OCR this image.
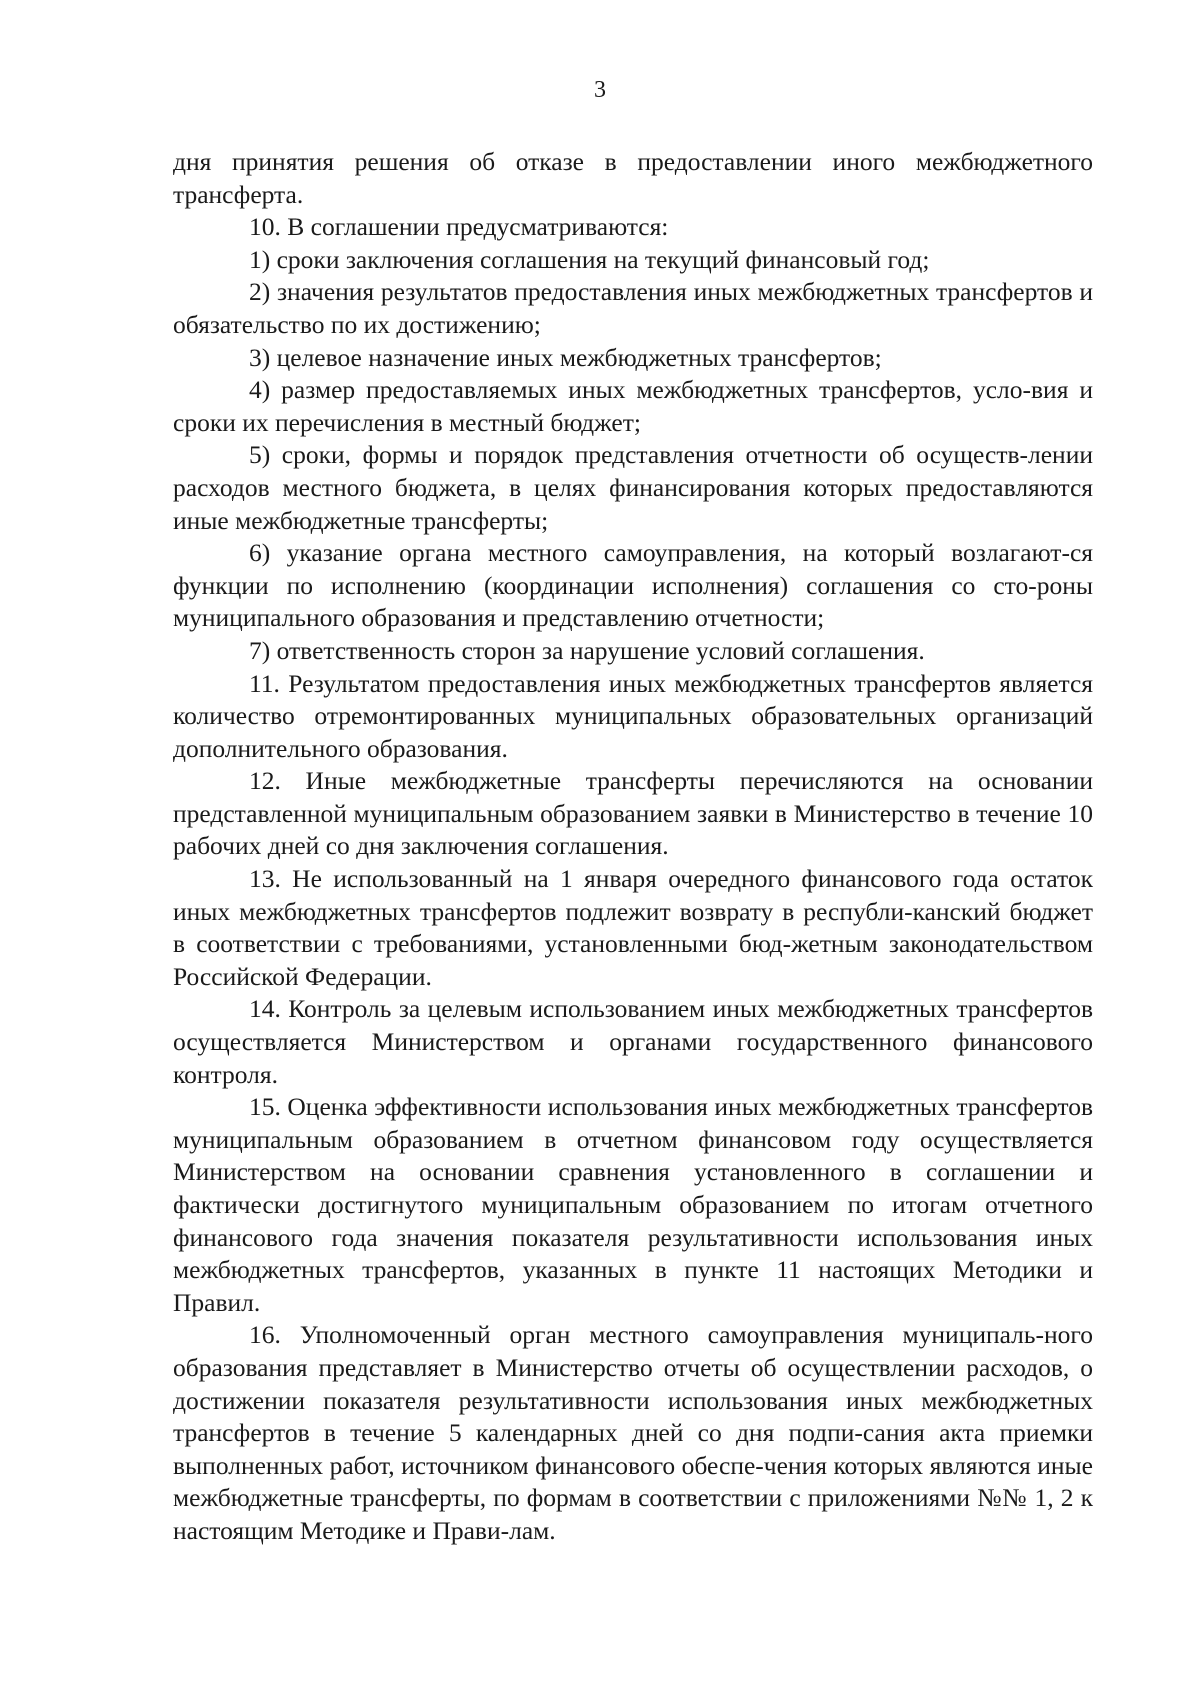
3

дня принятия решения об отказе в предоставлении иного межбюджетного трансферта.

10. В соглашении предусматриваются:

1) сроки заключения соглашения на текущий финансовый год;

2) значения результатов предоставления иных межбюджетных трансфертов и обязательство по их достижению;

3) целевое назначение иных межбюджетных трансфертов;

4) размер предоставляемых иных межбюджетных трансфертов, усло-вия и сроки их перечисления в местный бюджет;

5) сроки, формы и порядок представления отчетности об осуществ-лении расходов местного бюджета, в целях финансирования которых предоставляются иные межбюджетные трансферты;

6) указание органа местного самоуправления, на который возлагают-ся функции по исполнению (координации исполнения) соглашения со сто-роны муниципального образования и представлению отчетности;

7) ответственность сторон за нарушение условий соглашения.

11. Результатом предоставления иных межбюджетных трансфертов является количество отремонтированных муниципальных образовательных организаций дополнительного образования.

12. Иные межбюджетные трансферты перечисляются на основании представленной муниципальным образованием заявки в Министерство в течение 10 рабочих дней со дня заключения соглашения.

13. Не использованный на 1 января очередного финансового года остаток иных межбюджетных трансфертов подлежит возврату в республи-канский бюджет в соответствии с требованиями, установленными бюд-жетным законодательством Российской Федерации.

14. Контроль за целевым использованием иных межбюджетных трансфертов осуществляется Министерством и органами государственного финансового контроля.

15. Оценка эффективности использования иных межбюджетных трансфертов муниципальным образованием в отчетном финансовом году осуществляется Министерством на основании сравнения установленного в соглашении и фактически достигнутого муниципальным образованием по итогам отчетного финансового года значения показателя результативности использования иных межбюджетных трансфертов, указанных в пункте 11 настоящих Методики и Правил.

16. Уполномоченный орган местного самоуправления муниципаль-ного образования представляет в Министерство отчеты об осуществлении расходов, о достижении показателя результативности использования иных межбюджетных трансфертов в течение 5 календарных дней со дня подпи-сания акта приемки выполненных работ, источником финансового обеспе-чения которых являются иные межбюджетные трансферты, по формам в соответствии с приложениями №№ 1, 2 к настоящим Методике и Прави-лам.
